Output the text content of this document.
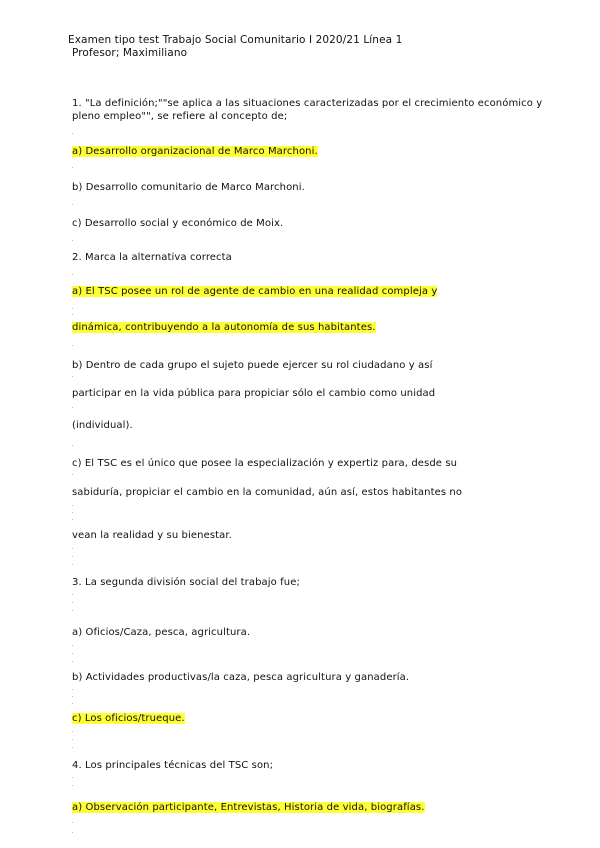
Examen tipo test Trabajo Social Comunitario I 2020/21 Línea 1
Profesor; Maximiliano
1. "La definición;""se aplica a las situaciones caracterizadas por el crecimiento económico y
pleno empleo"", se refiere al concepto de;
a) Desarrollo organizacional de Marco Marchoni.
b) Desarrollo comunitario de Marco Marchoni.
c) Desarrollo social y económico de Moix.
2. Marca la alternativa correcta
a) El TSC posee un rol de agente de cambio en una realidad compleja y
dinámica, contribuyendo a la autonomía de sus habitantes.
b) Dentro de cada grupo el sujeto puede ejercer su rol ciudadano y así
participar en la vida pública para propiciar sólo el cambio como unidad
(individual).
c) El TSC es el único que posee la especialización y expertiz para, desde su
sabiduría, propiciar el cambio en la comunidad, aún así, estos habitantes no
vean la realidad y su bienestar.
3. La segunda división social del trabajo fue;
a) Oficios/Caza, pesca, agricultura.
b) Actividades productivas/la caza, pesca agricultura y ganadería.
c) Los oficios/trueque.
4. Los principales técnicas del TSC son;
a) Observación participante, Entrevistas, Historia de vida, biografías.
